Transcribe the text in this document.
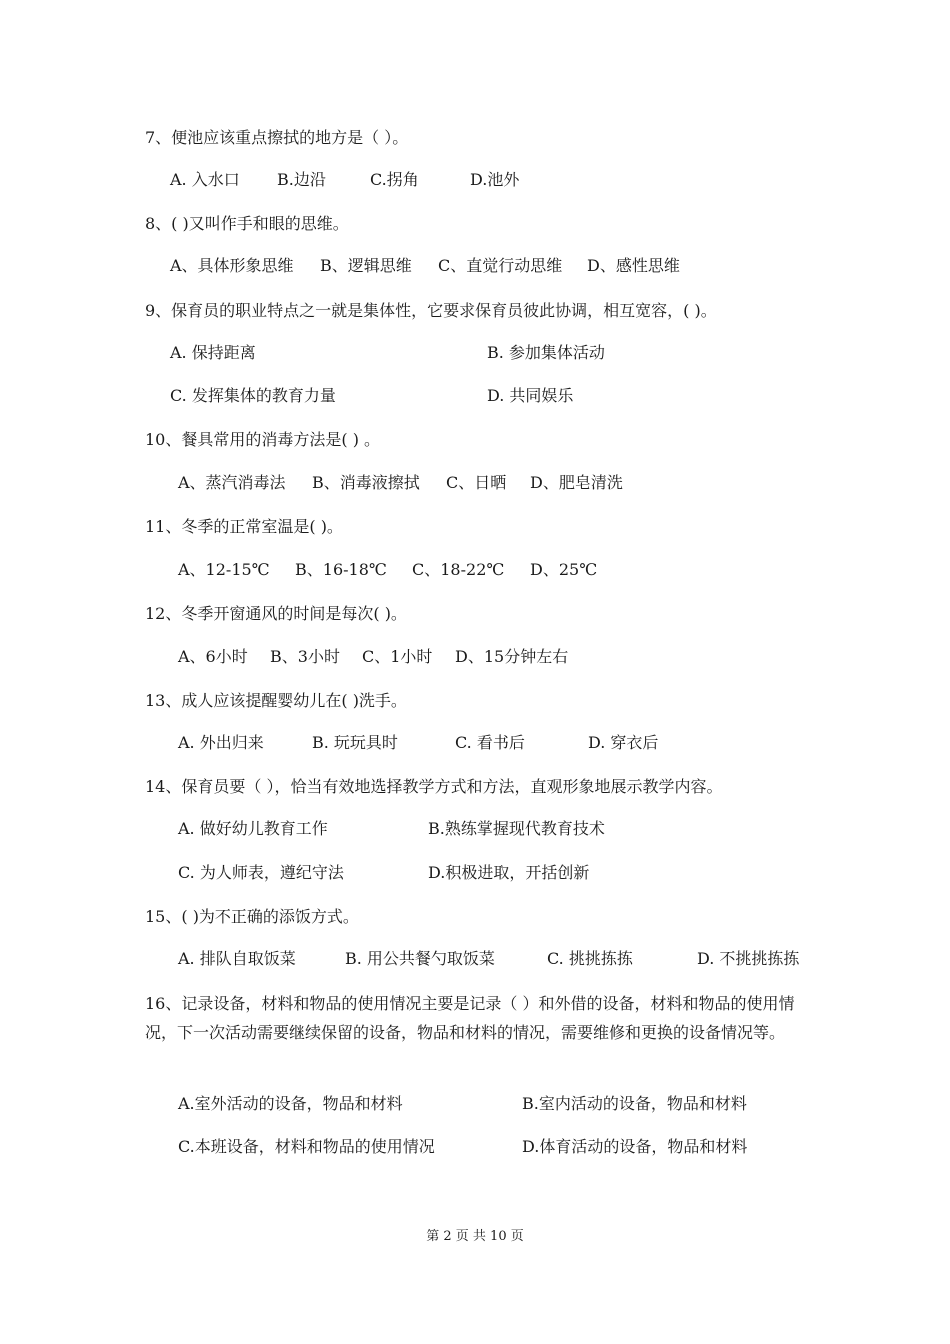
7、便池应该重点擦拭的地方是（ ）。
A. 入水口 B.边沿	C.拐角	D.池外
8、( )又叫作手和眼的思维。
A、具体形象思维 B、逻辑思维 C、直觉行动思维 D、感性思维
9、保育员的职业特点之一就是集体性，它要求保育员彼此协调，相互宽容，( )。
A. 保持距离	B. 参加集体活动
C. 发挥集体的教育力量	D. 共同娱乐
10、餐具常用的消毒方法是( ) 。
A、蒸汽消毒法 B、消毒液擦拭 C、日晒 D、肥皂清洗
11、冬季的正常室温是( )。
A、12-15℃ B、16-18℃ C、18-22℃ D、25℃
12、冬季开窗通风的时间是每次( )。
A、6小时 B、3小时 C、1小时 D、15分钟左右
13、成人应该提醒婴幼儿在( )洗手。
A. 外出归来	B. 玩玩具时	C. 看书后	D. 穿衣后
14、保育员要（ ），恰当有效地选择教学方式和方法，直观形象地展示教学内容。
A. 做好幼儿教育工作	B.熟练掌握现代教育技术
C. 为人师表，遵纪守法	D.积极进取，开括创新
15、( )为不正确的添饭方式。
A. 排队自取饭菜	B. 用公共餐勺取饭菜	C. 挑挑拣拣	D. 不挑挑拣拣
16、记录设备，材料和物品的使用情况主要是记录（ ）和外借的设备，材料和物品的使用情况，下一次活动需要继续保留的设备，物品和材料的情况，需要维修和更换的设备情况等。
A.室外活动的设备，物品和材料	B.室内活动的设备，物品和材料
C.本班设备，材料和物品的使用情况	D.体育活动的设备，物品和材料
第 2 页 共 10 页
